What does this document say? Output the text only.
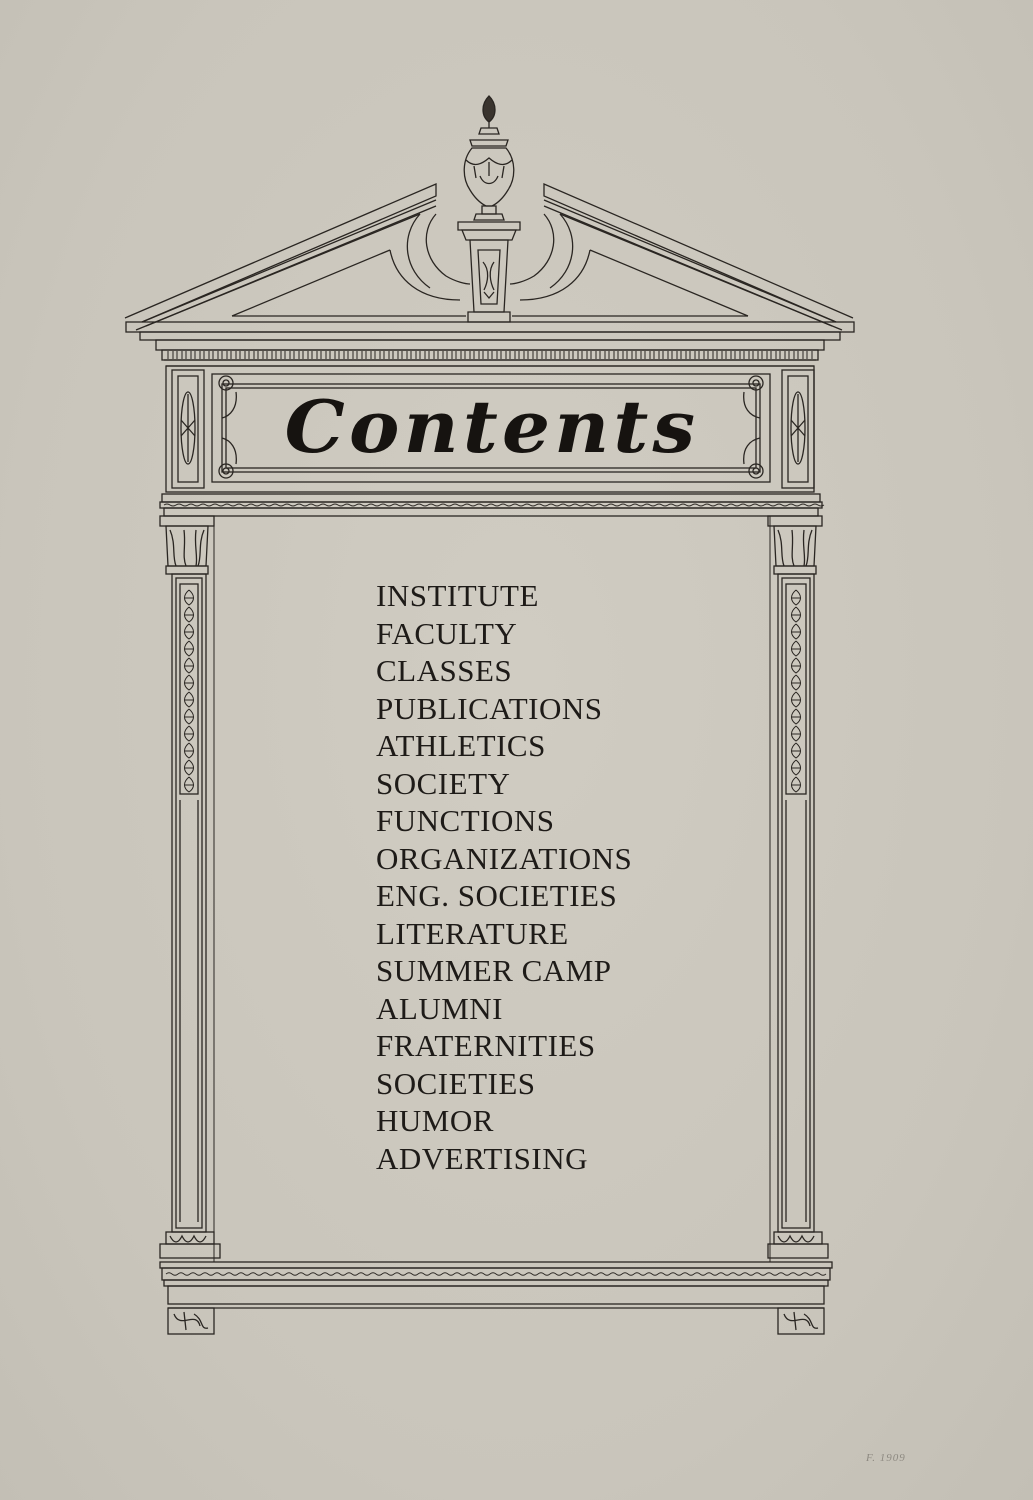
Contents
INSTITUTE
FACULTY
CLASSES
PUBLICATIONS
ATHLETICS
SOCIETY
FUNCTIONS
ORGANIZATIONS
ENG. SOCIETIES
LITERATURE
SUMMER CAMP
ALUMNI
FRATERNITIES
SOCIETIES
HUMOR
ADVERTISING
F. 1909
